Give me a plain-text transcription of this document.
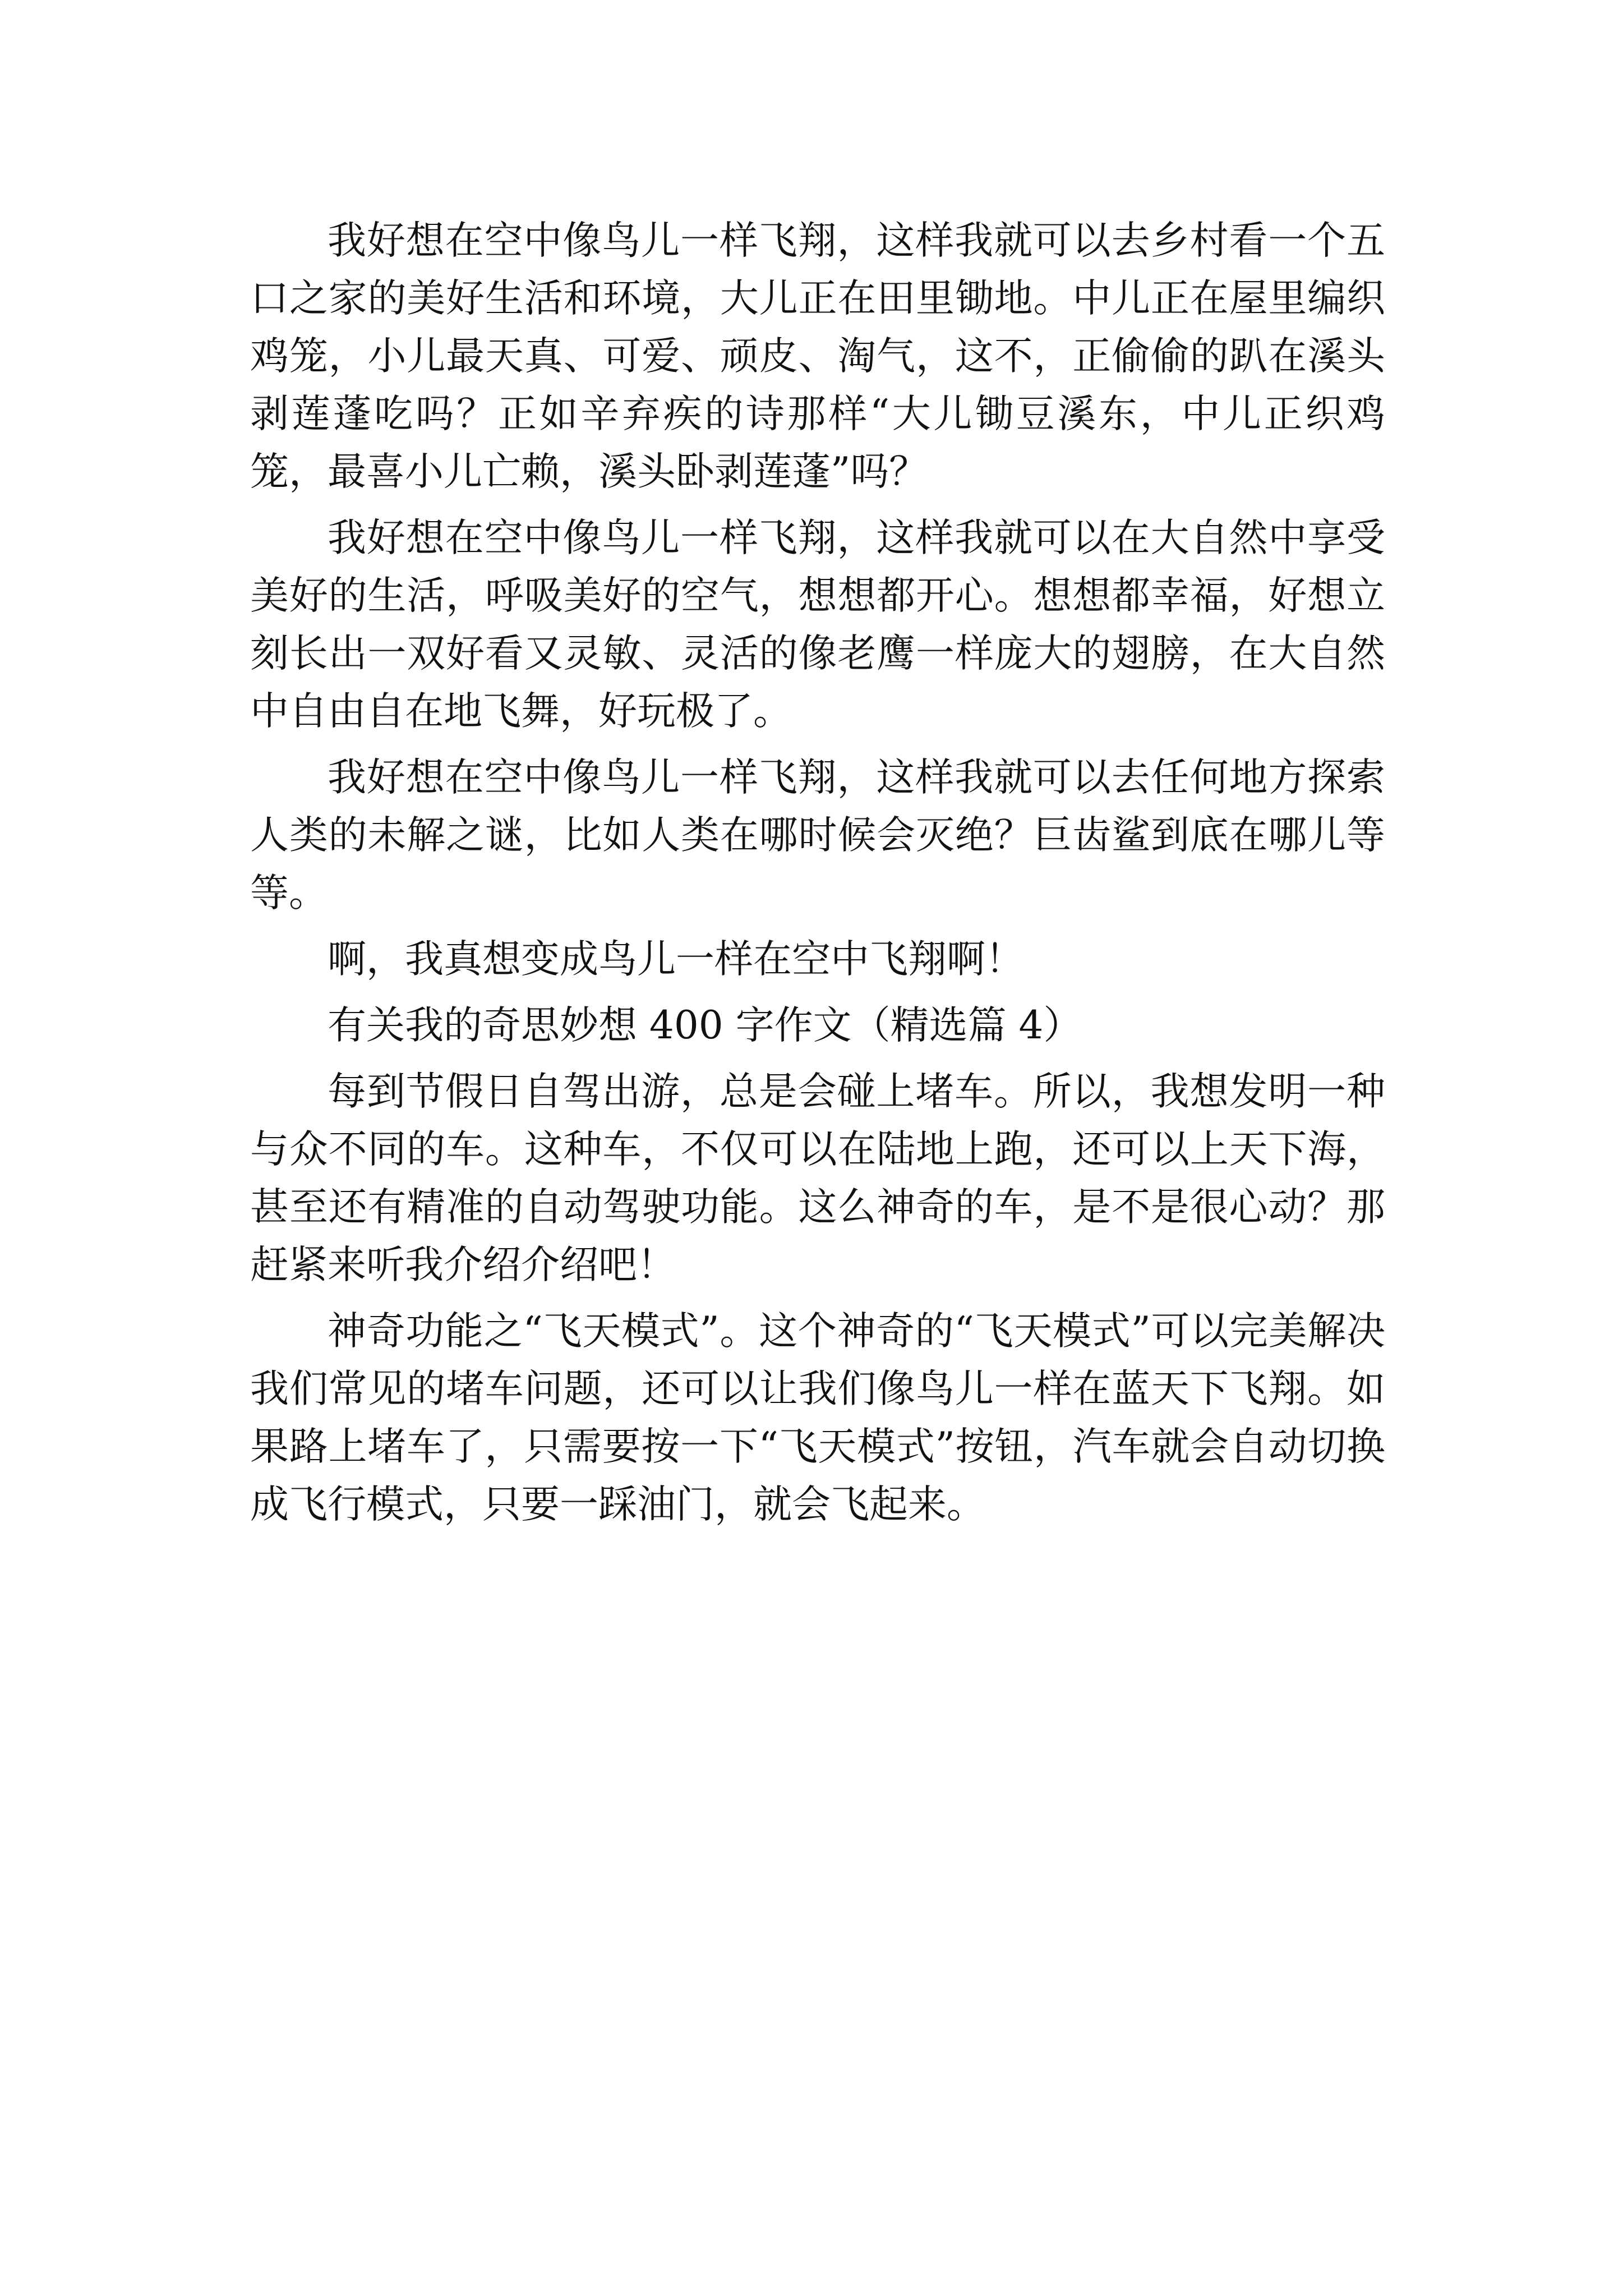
我好想在空中像鸟儿一样飞翔，这样我就可以去乡村看一个五口之家的美好生活和环境，大儿正在田里锄地。中儿正在屋里编织鸡笼，小儿最天真、可爱、顽皮、淘气，这不，正偷偷的趴在溪头剥莲蓬吃吗？正如辛弃疾的诗那样“大儿锄豆溪东，中儿正织鸡笼，最喜小儿亡赖，溪头卧剥莲蓬”吗？

我好想在空中像鸟儿一样飞翔，这样我就可以在大自然中享受美好的生活，呼吸美好的空气，想想都开心。想想都幸福，好想立刻长出一双好看又灵敏、灵活的像老鹰一样庞大的翅膀，在大自然中自由自在地飞舞，好玩极了。

我好想在空中像鸟儿一样飞翔，这样我就可以去任何地方探索人类的未解之谜，比如人类在哪时候会灭绝？巨齿鲨到底在哪儿等等。

啊，我真想变成鸟儿一样在空中飞翔啊！

有关我的奇思妙想 400 字作文（精选篇 4）

每到节假日自驾出游，总是会碰上堵车。所以，我想发明一种与众不同的车。这种车，不仅可以在陆地上跑，还可以上天下海，甚至还有精准的自动驾驶功能。这么神奇的车，是不是很心动？那赶紧来听我介绍介绍吧！

神奇功能之“飞天模式”。这个神奇的“飞天模式”可以完美解决我们常见的堵车问题，还可以让我们像鸟儿一样在蓝天下飞翔。如果路上堵车了，只需要按一下“飞天模式”按钮，汽车就会自动切换成飞行模式，只要一踩油门，就会飞起来。
